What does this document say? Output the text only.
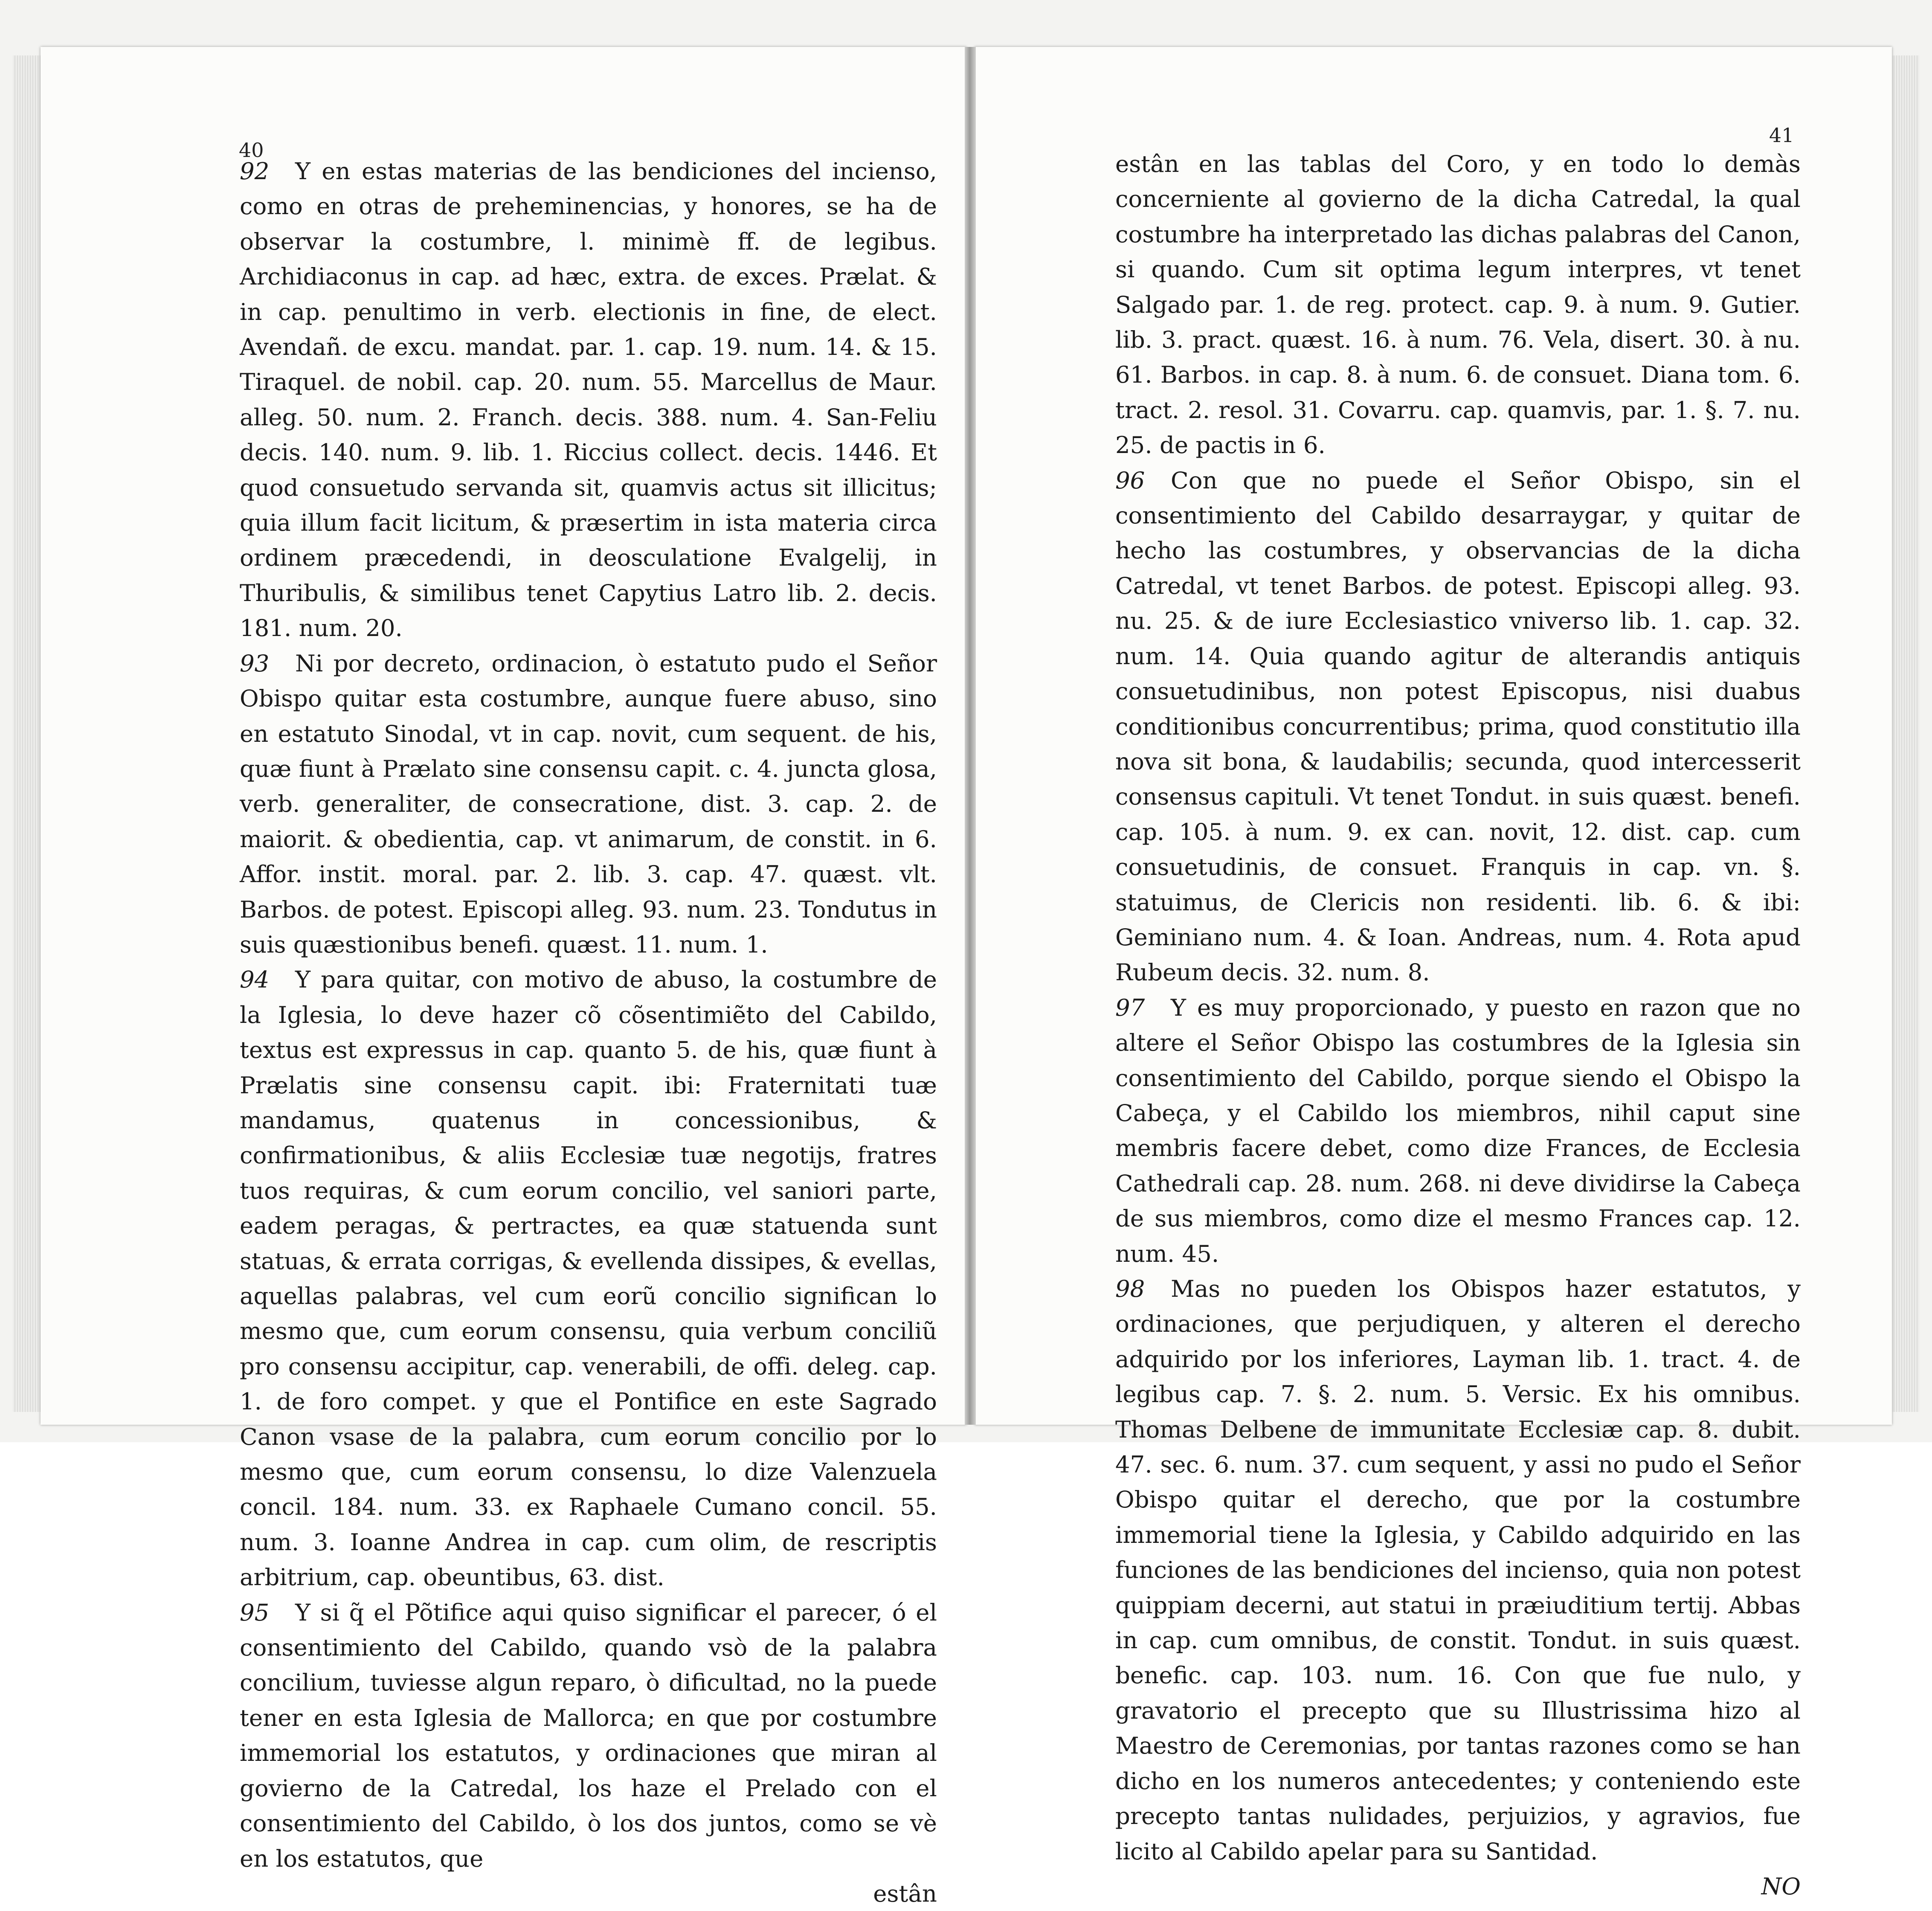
40
41

92 Y en estas materias de las bendiciones del incienso, como en otras de preheminencias, y honores, se ha de observar la costumbre, l. minimè ff. de legibus. Archidiaconus in cap. ad hæc, extra. de exces. Prælat. & in cap. penultimo in verb. electionis in fine, de elect. Avendañ. de excu. mandat. par. 1. cap. 19. num. 14. & 15. Tiraquel. de nobil. cap. 20. num. 55. Marcellus de Maur. alleg. 50. num. 2. Franch. decis. 388. num. 4. San-Feliu decis. 140. num. 9. lib. 1. Riccius collect. decis. 1446. Et quod consuetudo servanda sit, quamvis actus sit illicitus; quia illum facit licitum, & præsertim in ista materia circa ordinem præcedendi, in deosculatione Evalgelij, in Thuribulis, & similibus tenet Capytius Latro lib. 2. decis. 181. num. 20.

93 Ni por decreto, ordinacion, ò estatuto pudo el Señor Obispo quitar esta costumbre, aunque fuere abuso, sino en estatuto Sinodal, vt in cap. novit, cum sequent. de his, quæ fiunt à Prælato sine consensu capit. c. 4. juncta glosa, verb. generaliter, de consecratione, dist. 3. cap. 2. de maiorit. & obedientia, cap. vt animarum, de constit. in 6. Affor. instit. moral. par. 2. lib. 3. cap. 47. quæst. vlt. Barbos. de potest. Episcopi alleg. 93. num. 23. Tondutus in suis quæstionibus benefi. quæst. 11. num. 1.

94 Y para quitar, con motivo de abuso, la costumbre de la Iglesia, lo deve hazer cõ cõsentimiẽto del Cabildo, textus est expressus in cap. quanto 5. de his, quæ fiunt à Prælatis sine consensu capit. ibi: Fraternitati tuæ mandamus, quatenus in concessionibus, & confirmationibus, & aliis Ecclesiæ tuæ negotijs, fratres tuos requiras, & cum eorum concilio, vel saniori parte, eadem peragas, & pertractes, ea quæ statuenda sunt statuas, & errata corrigas, & evellenda dissipes, & evellas, aquellas palabras, vel cum eorũ concilio significan lo mesmo que, cum eorum consensu, quia verbum conciliũ pro consensu accipitur, cap. venerabili, de offi. deleg. cap. 1. de foro compet. y que el Pontifice en este Sagrado Canon vsase de la palabra, cum eorum concilio por lo mesmo que, cum eorum consensu, lo dize Valenzuela concil. 184. num. 33. ex Raphaele Cumano concil. 55. num. 3. Ioanne Andrea in cap. cum olim, de rescriptis arbitrium, cap. obeuntibus, 63. dist.

95 Y si q̃ el Põtifice aqui quiso significar el parecer, ó el consentimiento del Cabildo, quando vsò de la palabra concilium, tuviesse algun reparo, ò dificultad, no la puede tener en esta Iglesia de Mallorca; en que por costumbre immemorial los estatutos, y ordinaciones que miran al govierno de la Catredal, los haze el Prelado con el consentimiento del Cabildo, ò los dos juntos, como se vè en los estatutos, que

estân

estân en las tablas del Coro, y en todo lo demàs concerniente al govierno de la dicha Catredal, la qual costumbre ha interpretado las dichas palabras del Canon, si quando. Cum sit optima legum interpres, vt tenet Salgado par. 1. de reg. protect. cap. 9. à num. 9. Gutier. lib. 3. pract. quæst. 16. à num. 76. Vela, disert. 30. à nu. 61. Barbos. in cap. 8. à num. 6. de consuet. Diana tom. 6. tract. 2. resol. 31. Covarru. cap. quamvis, par. 1. §. 7. nu. 25. de pactis in 6.

96 Con que no puede el Señor Obispo, sin el consentimiento del Cabildo desarraygar, y quitar de hecho las costumbres, y observancias de la dicha Catredal, vt tenet Barbos. de potest. Episcopi alleg. 93. nu. 25. & de iure Ecclesiastico vniverso lib. 1. cap. 32. num. 14. Quia quando agitur de alterandis antiquis consuetudinibus, non potest Episcopus, nisi duabus conditionibus concurrentibus; prima, quod constitutio illa nova sit bona, & laudabilis; secunda, quod intercesserit consensus capituli. Vt tenet Tondut. in suis quæst. benefi. cap. 105. à num. 9. ex can. novit, 12. dist. cap. cum consuetudinis, de consuet. Franquis in cap. vn. §. statuimus, de Clericis non residenti. lib. 6. & ibi: Geminiano num. 4. & Ioan. Andreas, num. 4. Rota apud Rubeum decis. 32. num. 8.

97 Y es muy proporcionado, y puesto en razon que no altere el Señor Obispo las costumbres de la Iglesia sin consentimiento del Cabildo, porque siendo el Obispo la Cabeça, y el Cabildo los miembros, nihil caput sine membris facere debet, como dize Frances, de Ecclesia Cathedrali cap. 28. num. 268. ni deve dividirse la Cabeça de sus miembros, como dize el mesmo Frances cap. 12. num. 45.

98 Mas no pueden los Obispos hazer estatutos, y ordinaciones, que perjudiquen, y alteren el derecho adquirido por los inferiores, Layman lib. 1. tract. 4. de legibus cap. 7. §. 2. num. 5. Versic. Ex his omnibus. Thomas Delbene de immunitate Ecclesiæ cap. 8. dubit. 47. sec. 6. num. 37. cum sequent, y assi no pudo el Señor Obispo quitar el derecho, que por la costumbre immemorial tiene la Iglesia, y Cabildo adquirido en las funciones de las bendiciones del incienso, quia non potest quippiam decerni, aut statui in præiuditium tertij. Abbas in cap. cum omnibus, de constit. Tondut. in suis quæst. benefic. cap. 103. num. 16. Con que fue nulo, y gravatorio el precepto que su Illustrissima hizo al Maestro de Ceremonias, por tantas razones como se han dicho en los numeros antecedentes; y conteniendo este precepto tantas nulidades, perjuizios, y agravios, fue licito al Cabildo apelar para su Santidad.

NO
